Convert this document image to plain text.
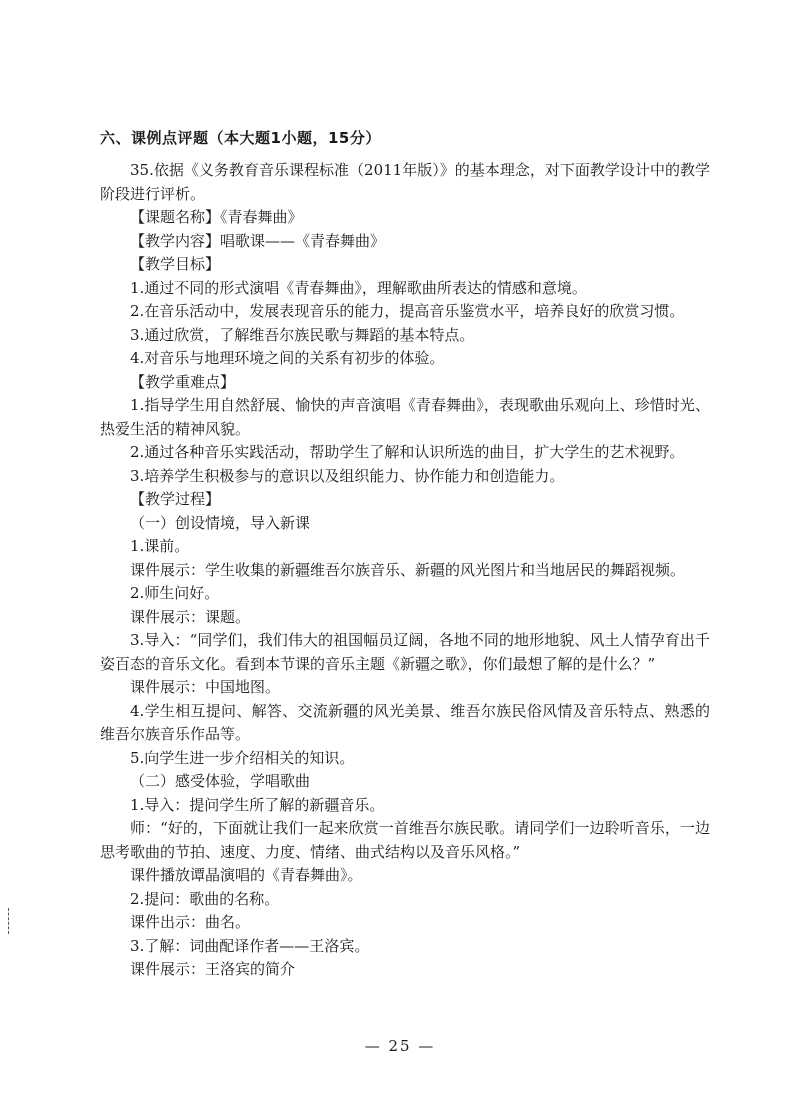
六、课例点评题（本大题1小题，15分）

35.依据《义务教育音乐课程标准（2011年版）》的基本理念，对下面教学设计中的教学阶段进行评析。

【课题名称】《青春舞曲》

【教学内容】唱歌课——《青春舞曲》

【教学目标】

1.通过不同的形式演唱《青春舞曲》，理解歌曲所表达的情感和意境。

2.在音乐活动中，发展表现音乐的能力，提高音乐鉴赏水平，培养良好的欣赏习惯。

3.通过欣赏，了解维吾尔族民歌与舞蹈的基本特点。

4.对音乐与地理环境之间的关系有初步的体验。

【教学重难点】

1.指导学生用自然舒展、愉快的声音演唱《青春舞曲》，表现歌曲乐观向上、珍惜时光、热爱生活的精神风貌。

2.通过各种音乐实践活动，帮助学生了解和认识所选的曲目，扩大学生的艺术视野。

3.培养学生积极参与的意识以及组织能力、协作能力和创造能力。

【教学过程】

（一）创设情境，导入新课

1.课前。

课件展示：学生收集的新疆维吾尔族音乐、新疆的风光图片和当地居民的舞蹈视频。

2.师生问好。

课件展示：课题。

3.导入：“同学们，我们伟大的祖国幅员辽阔，各地不同的地形地貌、风土人情孕育出千姿百态的音乐文化。看到本节课的音乐主题《新疆之歌》，你们最想了解的是什么？”

课件展示：中国地图。

4.学生相互提问、解答、交流新疆的风光美景、维吾尔族民俗风情及音乐特点、熟悉的维吾尔族音乐作品等。

5.向学生进一步介绍相关的知识。

（二）感受体验，学唱歌曲

1.导入：提问学生所了解的新疆音乐。

师：“好的，下面就让我们一起来欣赏一首维吾尔族民歌。请同学们一边聆听音乐，一边思考歌曲的节拍、速度、力度、情绪、曲式结构以及音乐风格。”

课件播放谭晶演唱的《青春舞曲》。

2.提问：歌曲的名称。

课件出示：曲名。

3.了解：词曲配译作者——王洛宾。

课件展示：王洛宾的简介

— 25 —
